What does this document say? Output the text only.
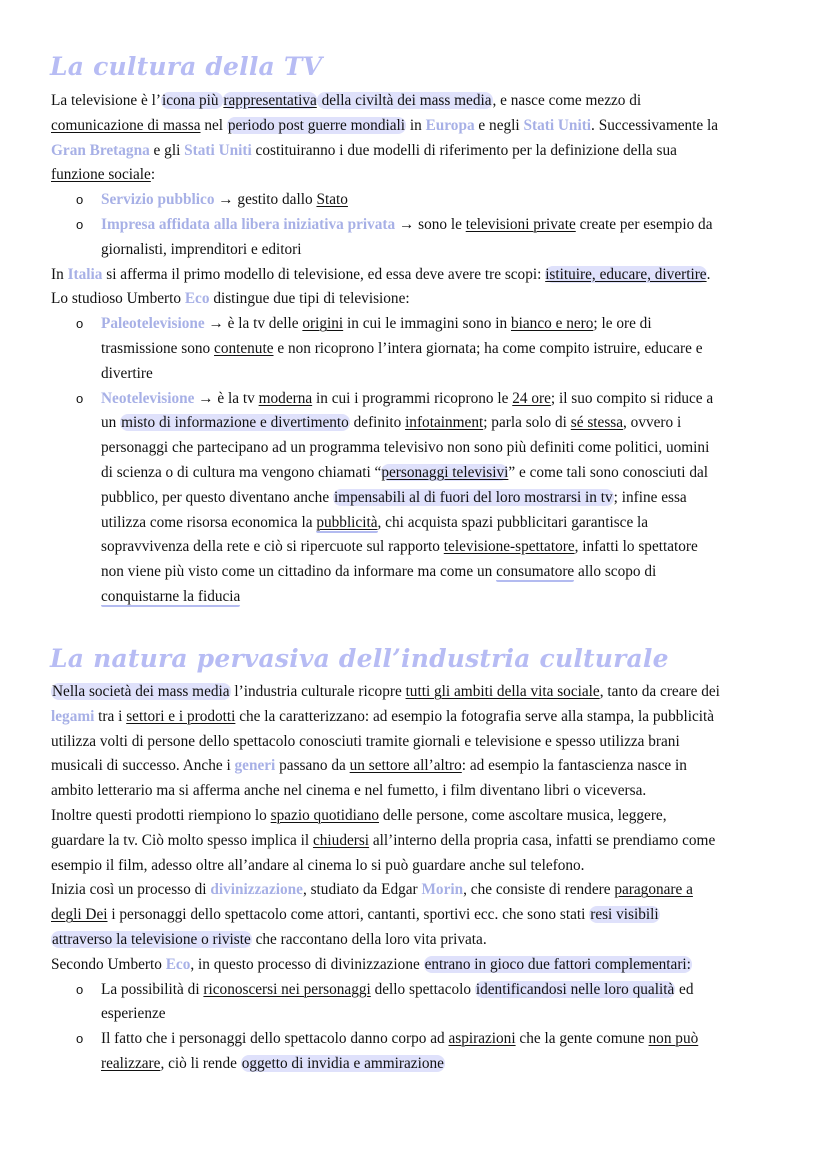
La cultura della TV
La televisione è l’icona più rappresentativa della civiltà dei mass media, e nasce come mezzo di
comunicazione di massa nel periodo post guerre mondiali in Europa e negli Stati Uniti. Successivamente la
Gran Bretagna e gli Stati Uniti costituiranno i due modelli di riferimento per la definizione della sua
funzione sociale:
o Servizio pubblico → gestito dallo Stato
o Impresa affidata alla libera iniziativa privata → sono le televisioni private create per esempio da
giornalisti, imprenditori e editori
In Italia si afferma il primo modello di televisione, ed essa deve avere tre scopi: istituire, educare, divertire.
Lo studioso Umberto Eco distingue due tipi di televisione:
o Paleotelevisione → è la tv delle origini in cui le immagini sono in bianco e nero; le ore di
trasmissione sono contenute e non ricoprono l’intera giornata; ha come compito istruire, educare e
divertire
o Neotelevisione → è la tv moderna in cui i programmi ricoprono le 24 ore; il suo compito si riduce a
un misto di informazione e divertimento definito infotainment; parla solo di sé stessa, ovvero i
personaggi che partecipano ad un programma televisivo non sono più definiti come politici, uomini
di scienza o di cultura ma vengono chiamati “personaggi televisivi” e come tali sono conosciuti dal
pubblico, per questo diventano anche impensabili al di fuori del loro mostrarsi in tv; infine essa
utilizza come risorsa economica la pubblicità, chi acquista spazi pubblicitari garantisce la
sopravvivenza della rete e ciò si ripercuote sul rapporto televisione-spettatore, infatti lo spettatore
non viene più visto come un cittadino da informare ma come un consumatore allo scopo di
conquistarne la fiducia
La natura pervasiva dell’industria culturale
Nella società dei mass media l’industria culturale ricopre tutti gli ambiti della vita sociale, tanto da creare dei
legami tra i settori e i prodotti che la caratterizzano: ad esempio la fotografia serve alla stampa, la pubblicità
utilizza volti di persone dello spettacolo conosciuti tramite giornali e televisione e spesso utilizza brani
musicali di successo. Anche i generi passano da un settore all’altro: ad esempio la fantascienza nasce in
ambito letterario ma si afferma anche nel cinema e nel fumetto, i film diventano libri o viceversa.
Inoltre questi prodotti riempiono lo spazio quotidiano delle persone, come ascoltare musica, leggere,
guardare la tv. Ciò molto spesso implica il chiudersi all’interno della propria casa, infatti se prendiamo come
esempio il film, adesso oltre all’andare al cinema lo si può guardare anche sul telefono.
Inizia così un processo di divinizzazione, studiato da Edgar Morin, che consiste di rendere paragonare a
degli Dei i personaggi dello spettacolo come attori, cantanti, sportivi ecc. che sono stati resi visibili
attraverso la televisione o riviste che raccontano della loro vita privata.
Secondo Umberto Eco, in questo processo di divinizzazione entrano in gioco due fattori complementari:
o La possibilità di riconoscersi nei personaggi dello spettacolo identificandosi nelle loro qualità ed
esperienze
o Il fatto che i personaggi dello spettacolo danno corpo ad aspirazioni che la gente comune non può
realizzare, ciò li rende oggetto di invidia e ammirazione
